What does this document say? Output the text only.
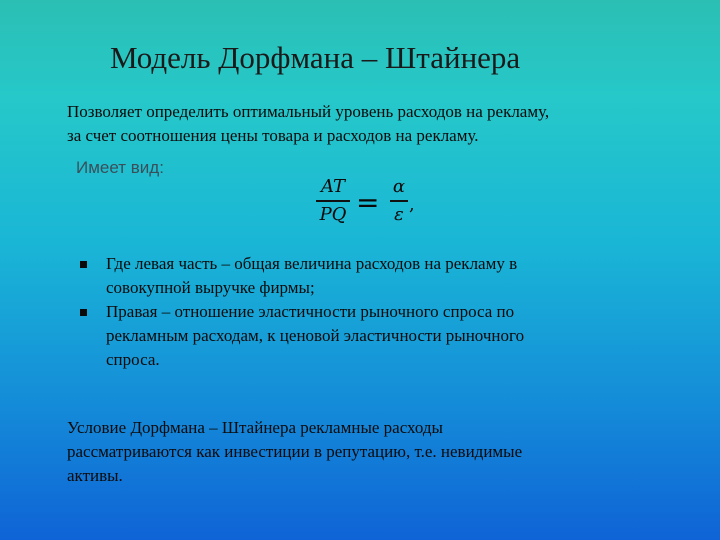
Модель Дорфмана – Штайнера
Позволяет определить оптимальный уровень расходов на рекламу,
за счет соотношения цены товара и расходов на рекламу.
Имеет вид:
AT
PQ = α
ε ,
Где левая часть – общая величина расходов на рекламу в
совокупной выручке фирмы;
Правая – отношение эластичности рыночного спроса по
рекламным расходам, к ценовой эластичности рыночного
спроса.
Условие Дорфмана – Штайнера рекламные расходы
рассматриваются как инвестиции в репутацию, т.е. невидимые
активы.
